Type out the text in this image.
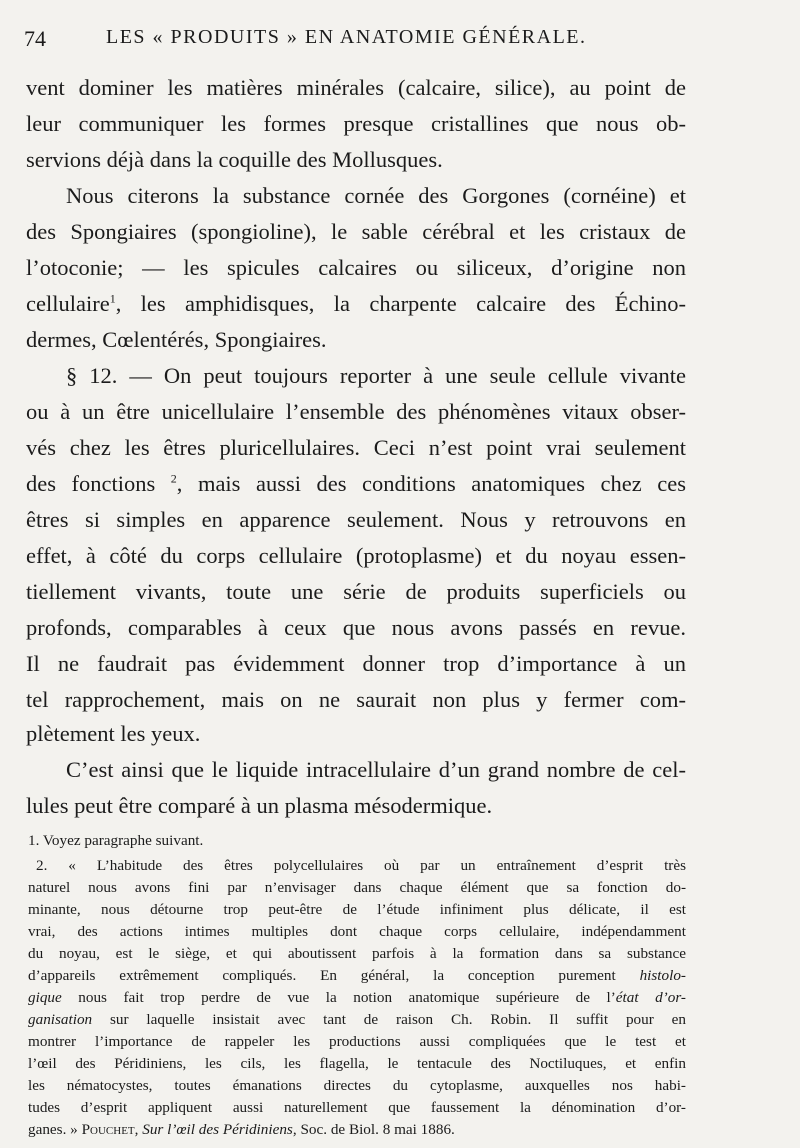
74	LES « PRODUITS » EN ANATOMIE GÉNÉRALE.
vent dominer les matières minérales (calcaire, silice), au point de
leur communiquer les formes presque cristallines que nous ob-
servions déjà dans la coquille des Mollusques.
Nous citerons la substance cornée des Gorgones (cornéine) et
des Spongiaires (spongioline), le sable cérébral et les cristaux de
l’otoconie; — les spicules calcaires ou siliceux, d’origine non
cellulaire$^1$, les amphidisques, la charpente calcaire des Échino-
dermes, Cœlentérés, Spongiaires.
§ 12. — On peut toujours reporter à une seule cellule vivante
ou à un être unicellulaire l’ensemble des phénomènes vitaux obser-
vés chez les êtres pluricellulaires. Ceci n’est point vrai seulement
des fonctions $^2$, mais aussi des conditions anatomiques chez ces
êtres si simples en apparence seulement. Nous y retrouvons en
effet, à côté du corps cellulaire (protoplasme) et du noyau essen-
tiellement vivants, toute une série de produits superficiels ou
profonds, comparables à ceux que nous avons passés en revue.
Il ne faudrait pas évidemment donner trop d’importance à un
tel rapprochement, mais on ne saurait non plus y fermer com-
plètement les yeux.
C’est ainsi que le liquide intracellulaire d’un grand nombre de cel-
lules peut être comparé à un plasma mésodermique.
1. Voyez paragraphe suivant.
2. « L’habitude des êtres polycellulaires où par un entraînement d’esprit très
naturel nous avons fini par n’envisager dans chaque élément que sa fonction do-
minante, nous détourne trop peut-être de l’étude infiniment plus délicate, il est
vrai, des actions intimes multiples dont chaque corps cellulaire, indépendamment
du noyau, est le siège, et qui aboutissent parfois à la formation dans sa substance
d’appareils extrêmement compliqués. En général, la conception purement histolo-
gique nous fait trop perdre de vue la notion anatomique supérieure de l’état d’or-
ganisation sur laquelle insistait avec tant de raison Ch. Robin. Il suffit pour en
montrer l’importance de rappeler les productions aussi compliquées que le test et
l’œil des Péridiniens, les cils, les flagella, le tentacule des Noctiluques, et enfin
les nématocystes, toutes émanations directes du cytoplasme, auxquelles nos habi-
tudes d’esprit appliquent aussi naturellement que faussement la dénomination d’or-
ganes. » Pouchet, Sur l’œil des Péridiniens, Soc. de Biol. 8 mai 1886.
